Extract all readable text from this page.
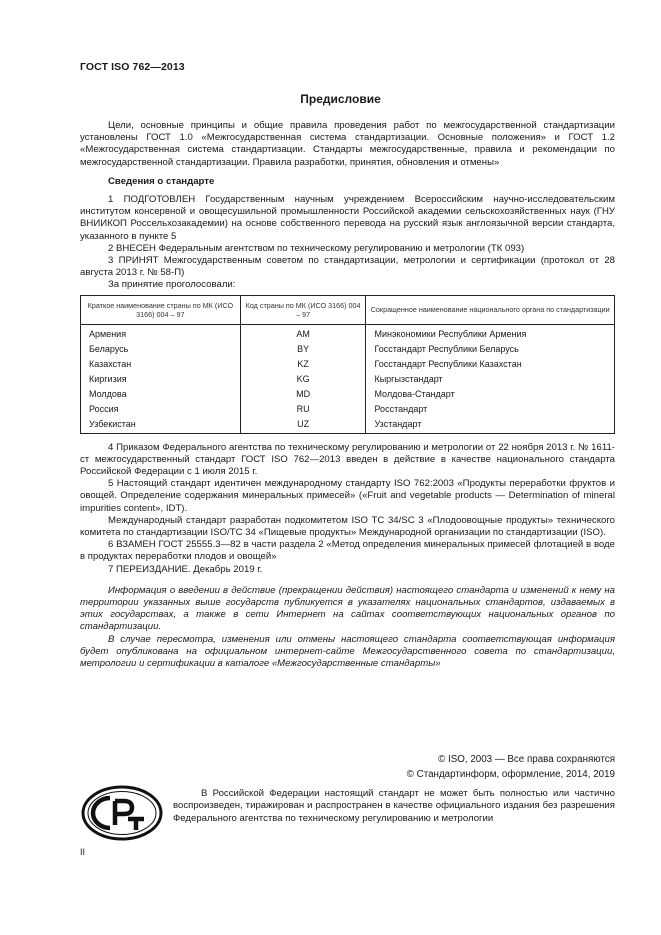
ГОСТ ISO 762—2013
Предисловие

Цели, основные принципы и общие правила проведения работ по межгосударственной стандартизации установлены ГОСТ 1.0 «Межгосударственная система стандартизации. Основные положения» и ГОСТ 1.2 «Межгосударственная система стандартизации. Стандарты межгосударственные, правила и рекомендации по межгосударственной стандартизации. Правила разработки, принятия, обновления и отмены»

Сведения о стандарте

1 ПОДГОТОВЛЕН Государственным научным учреждением Всероссийским научно-исследовательским институтом консервной и овощесушильной промышленности Российской академии сельскохозяйственных наук (ГНУ ВНИИКОП Россельхозакадемии) на основе собственного перевода на русский язык англоязычной версии стандарта, указанного в пункте 5

2 ВНЕСЕН Федеральным агентством по техническому регулированию и метрологии (ТК 093)

3 ПРИНЯТ Межгосударственным советом по стандартизации, метрологии и сертификации (протокол от 28 августа 2013 г. № 58-П)

За принятие проголосовали:

Краткое наименование страны по МК (ИСО 3166) 004 – 97	Код страны по МК (ИСО 3166) 004 – 97	Сокращенное наименование национального органа по стандартизации
Армения	AM	Минэкономики Республики Армения
Беларусь	BY	Госстандарт Республики Беларусь
Казахстан	KZ	Госстандарт Республики Казахстан
Киргизия	KG	Кыргызстандарт
Молдова	MD	Молдова-Стандарт
Россия	RU	Росстандарт
Узбекистан	UZ	Узстандарт

4 Приказом Федерального агентства по техническому регулированию и метрологии от 22 ноября 2013 г. № 1611-ст межгосударственный стандарт ГОСТ ISO 762—2013 введен в действие в качестве национального стандарта Российской Федерации с 1 июля 2015 г.

5 Настоящий стандарт идентичен международному стандарту ISO 762:2003 «Продукты переработки фруктов и овощей. Определение содержания минеральных примесей» («Fruit and vegetable products — Determination of mineral impurities content», IDT).

Международный стандарт разработан подкомитетом ISO TC 34/SC 3 «Плодоовощные продукты» технического комитета по стандартизации ISO/TC 34 «Пищевые продукты» Международной организации по стандартизации (ISO).

6 ВЗАМЕН ГОСТ 25555.3—82 в части раздела 2 «Метод определения минеральных примесей флотацией в воде в продуктах переработки плодов и овощей»

7 ПЕРЕИЗДАНИЕ. Декабрь 2019 г.

Информация о введении в действие (прекращении действия) настоящего стандарта и изменений к нему на территории указанных выше государств публикуется в указателях национальных стандартов, издаваемых в этих государствах, а также в сети Интернет на сайтах соответствующих национальных органов по стандартизации.

В случае пересмотра, изменения или отмены настоящего стандарта соответствующая информация будет опубликована на официальном интернет-сайте Межгосударственного совета по стандартизации, метрологии и сертификации в каталоге «Межгосударственные стандарты»

© ISO, 2003 — Все права сохраняются
© Стандартинформ, оформление, 2014, 2019

В Российской Федерации настоящий стандарт не может быть полностью или частично воспроизведен, тиражирован и распространен в качестве официального издания без разрешения Федерального агентства по техническому регулированию и метрологии

II
